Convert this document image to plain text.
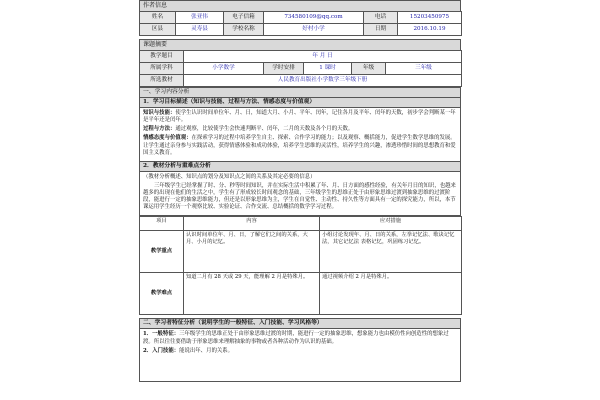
作者信息
姓名	张亚伟	电子信箱	734580109@qq.com	电话	15203450975
区县	灵寿县	学校名称	好村小学	日期	2016.10.19
课题摘要
教学题目	年 月 日				
所属学科	小学数学	学时安排	1 课时	年级	三年级
所选教材	人民教育出版社小学数学三年级下册				
一、学习内容分析
1．学习目标描述（知识与技能、过程与方法、情感态度与价值观）

知识与技能：使学生认识时间单位年、月、日，知道大月、小月、平年、闰年，记住各月及平年、闰年的天数，初步学会判断某一年是平年还是闰年。

过程与方法：通过观察，比较使学生会快速判断平、闰年，二月的天数及各个月的天数。

情感态度与价值观：在探索学习的过程中培养学生自主、探索、合作学习的能力；以及观察、概括能力，促进学生数学思维的发展。让学生通过亲身参与实践活动，获得情感体验和成功体验，培养学生思维的灵活性，培养学生的兴趣，渗透珍惜时间的思想教育和爱国主义教育。

2．教材分析与重难点分析

（教材分析概述、知识点的划分及知识点之间的关系及其定必要的信息）

三年级学生已经掌握了时、分、秒等时间知识，并在实际生活中积累了年、月、日方面的感性经验，有关年月日的知识，也越来越多的出现在他们的生活之中，学生有了形成较长时间观念的基础，三年级学生的思维正处于由形象思维过渡到抽象思维的过渡阶段，能进行一定的抽象思维能力，但还是以形象思维为主，学生在自觉性、主动性、持久性等方面具有一定的探究能力，所以，本节课运用学生经历一个观察比较、实验论证、合作交流、总结概括的数学学习过程。

项目	内容	应对措施
教学重点	认识时间单位年、月、日，了解它们之间的关系，大月、小月的记忆。	小组讨论发现年、月、日的关系，左拳记忆法、歌诀记忆法，其它记忆法 表格记忆，巩固练习记忆。
教学难点	知道二月有 28 天或 29 天，能理解 2 月是特殊月。	通过视频介绍 2 月是特殊月。
二、学习者特征分析（说明学生的一般特征、入门技能、学习风格等）

1．一般特征：三年级学生的思维正处于由形象思维过渡的时期，能进行一定的抽象思维，想象能力也由模仿性向创造性的想象过渡。所以往往要借助于形象思维来理解抽象的事物或者各种活动作为认识的基础。

2．入门技能：能说出年、月的关系。
